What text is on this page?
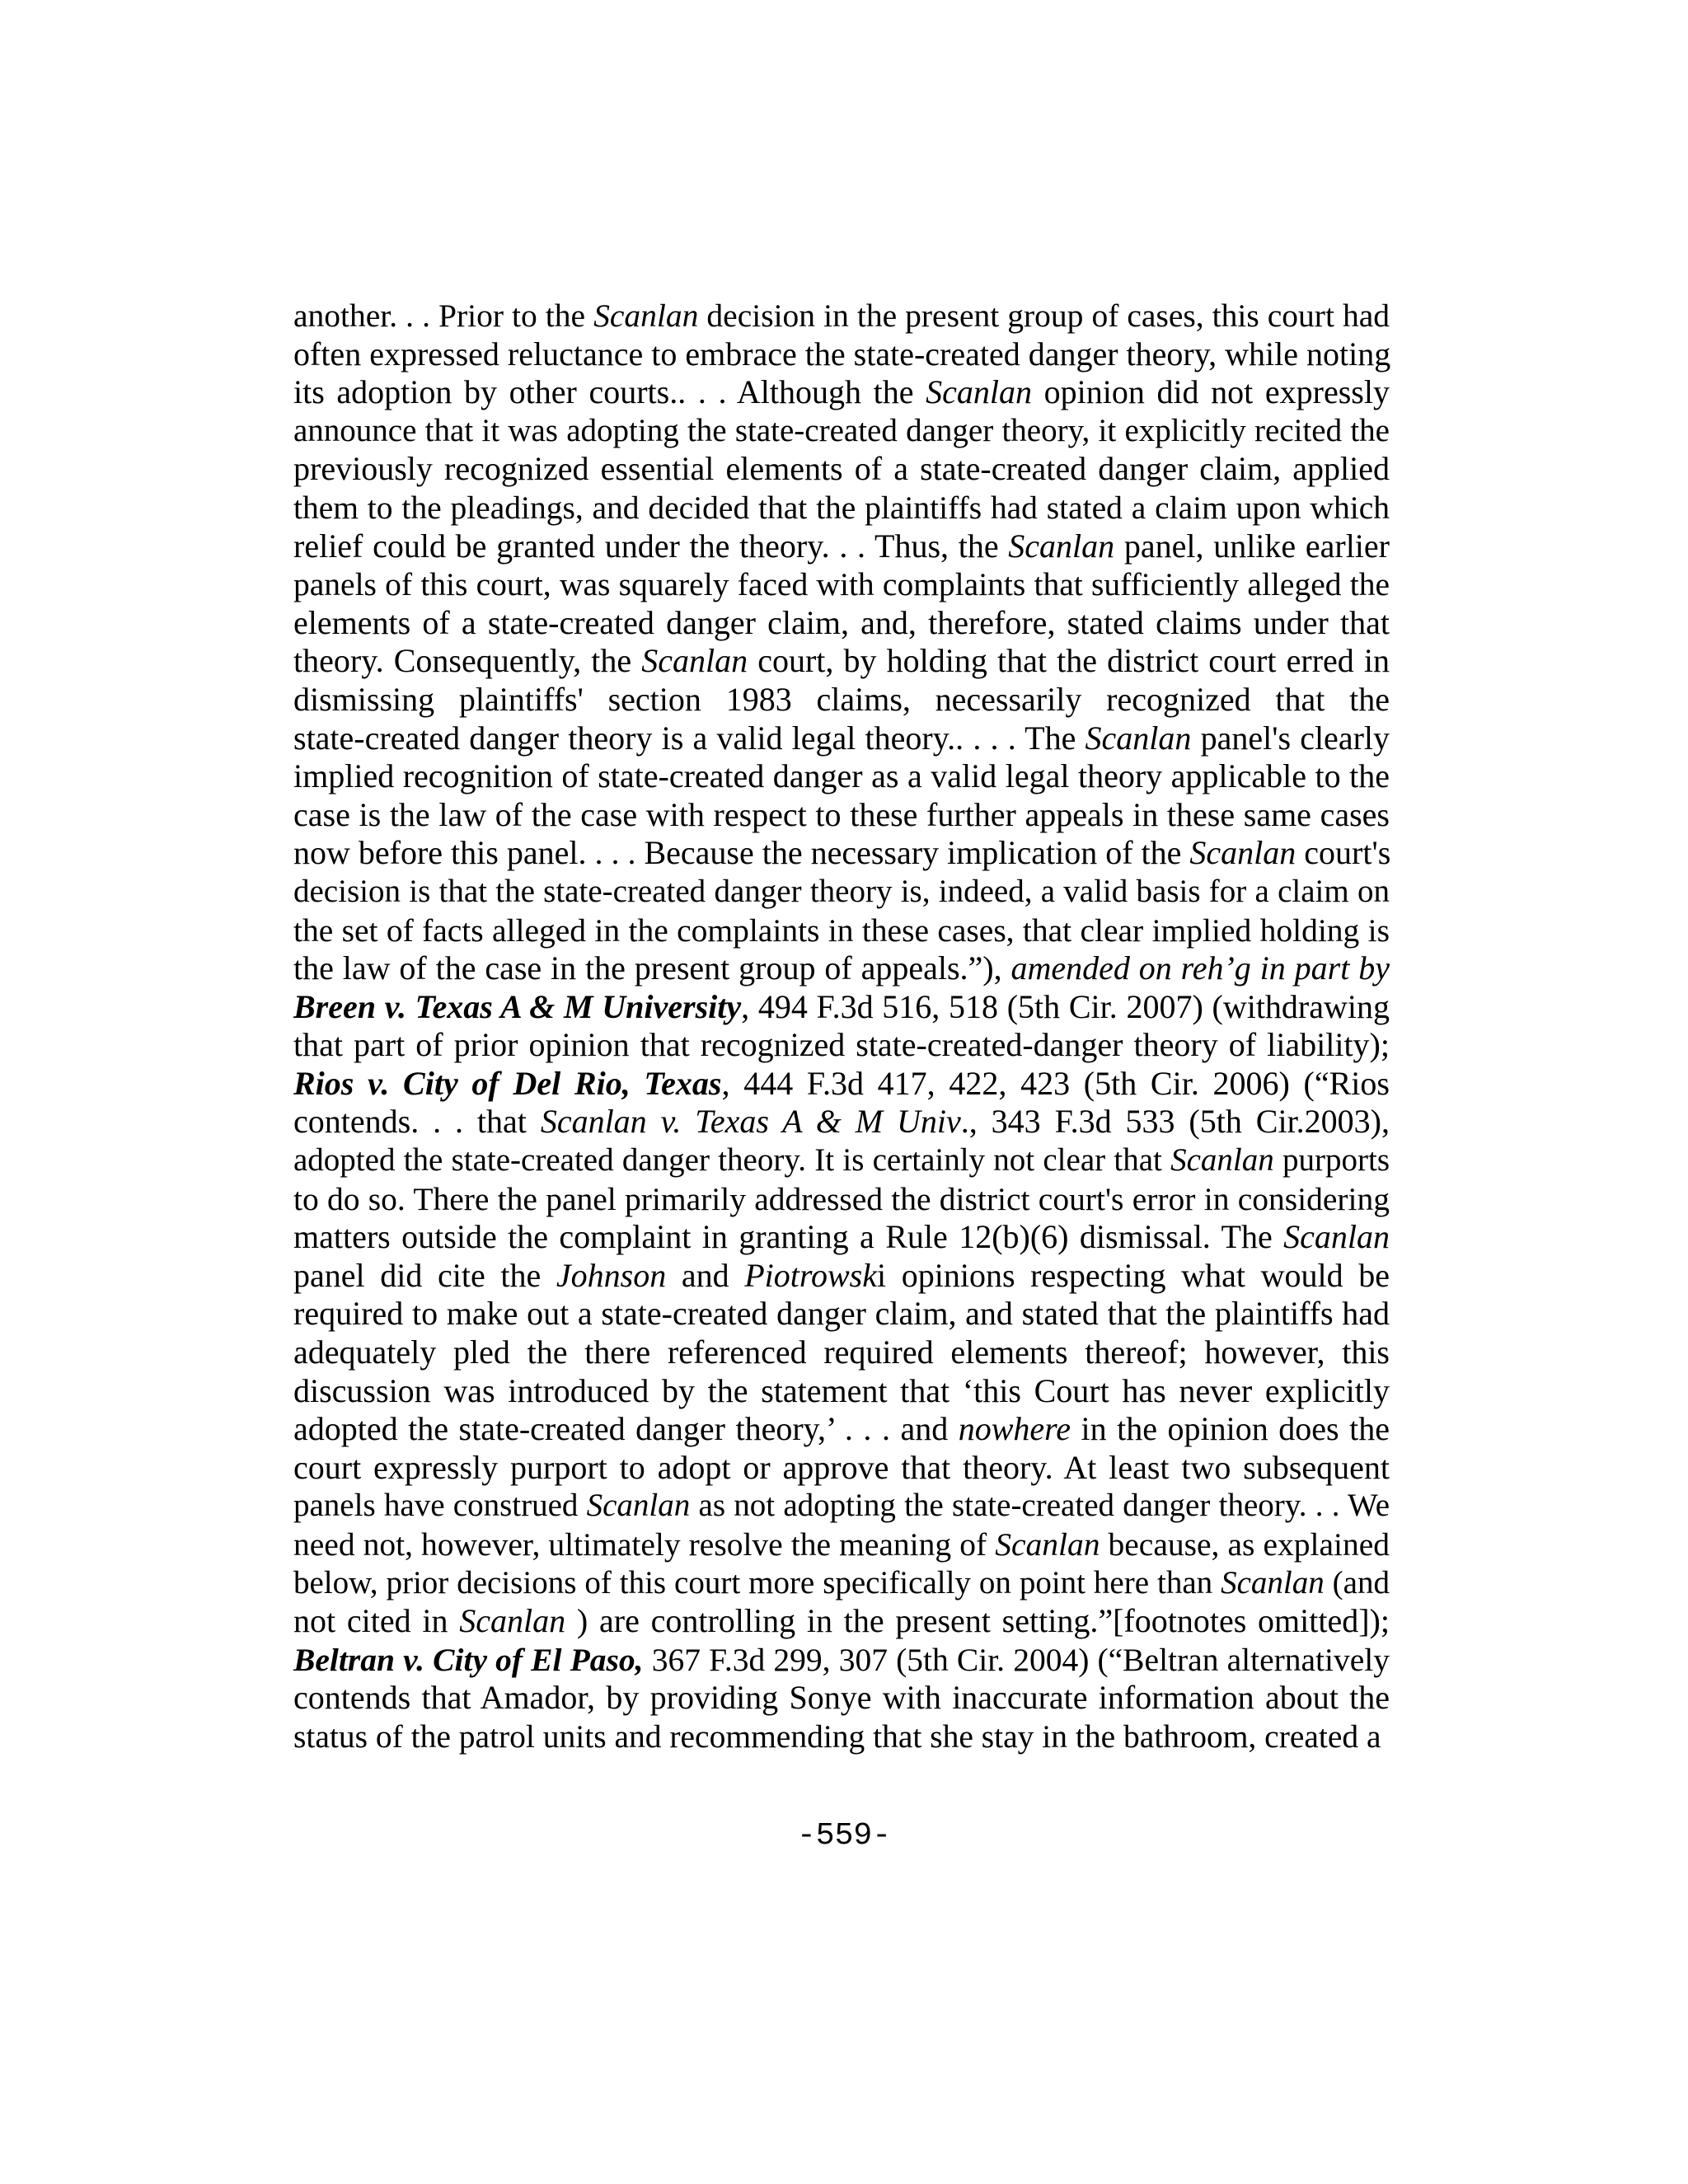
another. . . Prior to the Scanlan decision in the present group of cases, this court had
often expressed reluctance to embrace the state-created danger theory, while noting
its adoption by other courts.. . . Although the Scanlan opinion did not expressly
announce that it was adopting the state-created danger theory, it explicitly recited the
previously recognized essential elements of a state-created danger claim, applied
them to the pleadings, and decided that the plaintiffs had stated a claim upon which
relief could be granted under the theory. . . Thus, the Scanlan panel, unlike earlier
panels of this court, was squarely faced with complaints that sufficiently alleged the
elements of a state-created danger claim, and, therefore, stated claims under that
theory. Consequently, the Scanlan court, by holding that the district court erred in
dismissing plaintiffs' section 1983 claims, necessarily recognized that the
state-created danger theory is a valid legal theory.. . . . The Scanlan panel's clearly
implied recognition of state-created danger as a valid legal theory applicable to the
case is the law of the case with respect to these further appeals in these same cases
now before this panel. . . . Because the necessary implication of the Scanlan court's
decision is that the state-created danger theory is, indeed, a valid basis for a claim on
the set of facts alleged in the complaints in these cases, that clear implied holding is
the law of the case in the present group of appeals.”), amended on reh’g in part by
Breen v. Texas A & M University, 494 F.3d 516, 518 (5th Cir. 2007) (withdrawing
that part of prior opinion that recognized state-created-danger theory of liability);
Rios v. City of Del Rio, Texas, 444 F.3d 417, 422, 423 (5th Cir. 2006) (“Rios
contends. . . that Scanlan v. Texas A & M Univ., 343 F.3d 533 (5th Cir.2003),
adopted the state-created danger theory. It is certainly not clear that Scanlan purports
to do so. There the panel primarily addressed the district court's error in considering
matters outside the complaint in granting a Rule 12(b)(6) dismissal. The Scanlan
panel did cite the Johnson and Piotrowski opinions respecting what would be
required to make out a state-created danger claim, and stated that the plaintiffs had
adequately pled the there referenced required elements thereof; however, this
discussion was introduced by the statement that ‘this Court has never explicitly
adopted the state-created danger theory,’ . . . and nowhere in the opinion does the
court expressly purport to adopt or approve that theory. At least two subsequent
panels have construed Scanlan as not adopting the state-created danger theory. . . We
need not, however, ultimately resolve the meaning of Scanlan because, as explained
below, prior decisions of this court more specifically on point here than Scanlan (and
not cited in Scanlan ) are controlling in the present setting.”[footnotes omitted]);
Beltran v. City of El Paso, 367 F.3d 299, 307 (5th Cir. 2004) (“Beltran alternatively
contends that Amador, by providing Sonye with inaccurate information about the
status of the patrol units and recommending that she stay in the bathroom, created a
-559-
